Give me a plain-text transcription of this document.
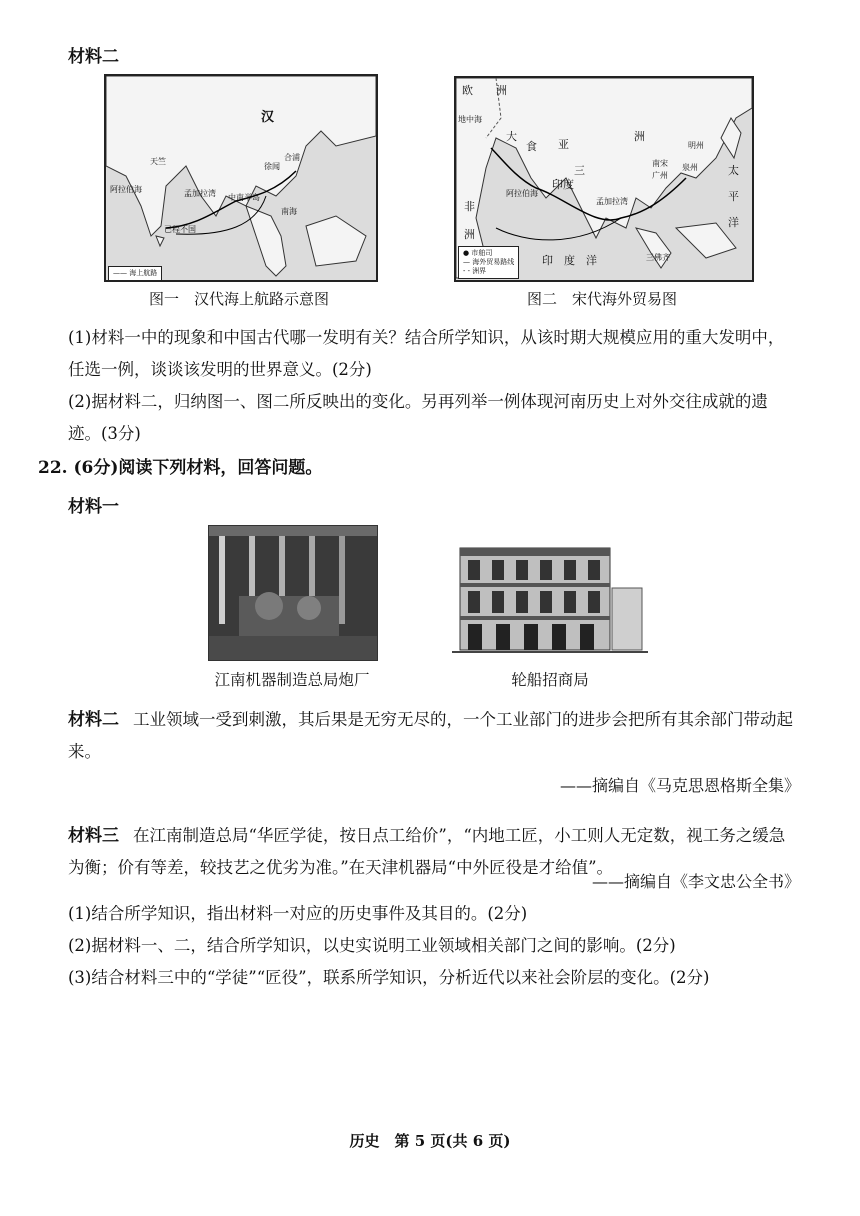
材料二
汉
天竺
阿拉伯海	孟加拉湾
南海
已程不国
徐闻
合浦
中南半岛
—— 海上航路
图一　汉代海上航路示意图
欧 洲
地中海
大
食 亚
洲
三
印度
阿拉伯海
孟加拉湾
非
洲
印　度　洋
太
平
洋
南宋
广州
泉州
明州
三佛齐
● 市舶司
— 海外贸易路线
- - 洲界
图二　宋代海外贸易图
(1)材料一中的现象和中国古代哪一发明有关？结合所学知识，从该时期大规模应用的重大发明中，任选一例，谈谈该发明的世界意义。(2分)
(2)据材料二，归纳图一、图二所反映出的变化。另再列举一例体现河南历史上对外交往成就的遗迹。(3分)
22. (6分)阅读下列材料，回答问题。
材料一
江南机器制造总局炮厂	轮船招商局
材料二 工业领域一受到刺激，其后果是无穷无尽的，一个工业部门的进步会把所有其余部门带动起来。
——摘编自《马克思恩格斯全集》
材料三 在江南制造总局“华匠学徒，按日点工给价”，“内地工匠，小工则人无定数，视工务之缓急为衡；价有等差，较技艺之优劣为准。”在天津机器局“中外匠役是才给值”。
——摘编自《李文忠公全书》
(1)结合所学知识，指出材料一对应的历史事件及其目的。(2分)
(2)据材料一、二，结合所学知识，以史实说明工业领域相关部门之间的影响。(2分)
(3)结合材料三中的“学徒”“匠役”，联系所学知识，分析近代以来社会阶层的变化。(2分)
历史　第 5 页(共 6 页)
